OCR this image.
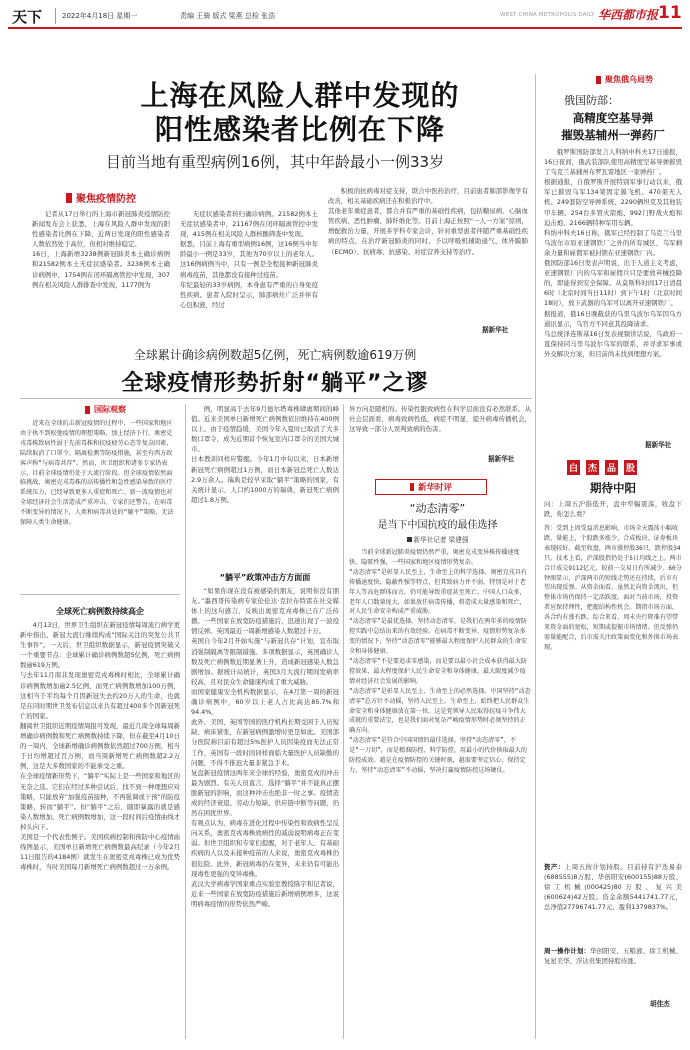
天下	2022年4月18日 星期一	责编 王骑 版式 梁燕 总检 张浩	WEST CHINA METROPOLIS DAILY 华西都市报 11
上海在风险人群中发现的
阳性感染者比例在下降
目前当地有重型病例16例，其中年龄最小一例33岁
聚焦疫情防控
记者从17日举行的上海市新冠肺炎疫情防控新闻发布会上获悉，上海在风险人群中发现的阳性感染者比例在下降，近两日发现的阳性感染者人数依然处于高位，但相对维持稳定。
16日，上海新增3238例新冠肺炎本土确诊病例和21582例本土无症状感染者。3238例本土确诊病例中，1754例在闭环隔离管控中发现，307例在相关风险人群排查中发现，1177例为
无症状感染者转归确诊病例。21582例本土无症状感染者中，21167例在闭环隔离管控中发现，415例在相关风险人群核酸筛查中发现。
据悉，目前上海有重型病例16例，这16例当中年龄最小一例是33岁，其他为70岁以上的老年人。这16例病例当中，只有一例是全程接种新冠肺炎病毒疫苗，其他都没有接种过疫苗。
年纪最轻的33岁病例，本身患有严重的自身免疫性疾病。患者入院时呈示，肺部病灶广泛并伴有心包积液，经过
积极的抗病毒对症支持，联合中医药治疗，目前患者肺部影像学有改善，相关基础疾病还在积极治疗中。
其他老年重症患者，都合并有严重的基础性疾病，包括糖尿病、心脑血管疾病、恶性肿瘤、肺纤维化等。目前上海正按照“一人一方案”原则，增配救治力量，开展多学科专家会诊，针对重型患者伴随严重基础性疾病的特点，在治疗新冠肺炎的同时，予以呼吸机辅助通气、体外膜肺（ECMO）、抗病毒、抗感染、对症营养支持等治疗。
据新华社
聚焦俄乌局势
俄国防部：
高精度空基导弹
摧毁基辅州一弹药厂
俄罗斯国防部发言人科纳申科夫17日通报，16日夜间，俄武装部队使用高精度空基导弹摧毁了乌克兰基辅州布罗瓦雷地区一家弹药厂。
根据通报，自俄罗斯开展特别军事行动以来，俄军已摧毁乌军134架固定翼飞机、470架无人机、249套防空导弹系统、2290辆坦克及其他装甲车辆、254台多管火箭炮、992门野战火炮和迫击炮、2166辆特种军用车辆。
科纳申科夫16日称，俄军已经控制了乌克兰马里乌波尔市原亚速钢铁厂之外的所有城区，乌军剩余力量和雇佣军被封锁在亚速钢铁厂内。
俄国防部16日发表声明说，出于人道主义考虑，亚速钢铁厂内的乌军和雇佣兵只是要放弃械投降的，即能得到安全保障。从莫斯科时间17日清晨6时（北京时间当日11时）到下午1时（北京时间18时），放下武器的乌军可以离开亚速钢铁厂。
据报道，俄16日晚截获的乌里乌波尔乌军因乌方通讯显示，乌官方不同意其投降请求。
乌总统泽连斯基16日发表视频讲话说，乌政府一直保持同马里乌波尔乌军的联系，并寻求军事或外交解决方案，但目前尚未找到理想方案。
据新华社
全球累计确诊病例数超5亿例，死亡病例数逾619万例
全球疫情形势折射“躺平”之谬
国际观察
近来在全球抗击新冠疫情的过程中，一些国家和地区由于执不到松弛疫情的理想策略，加上经济下行、奥密克戎毒株致病性弱于先前毒株和抗疫疲劳心态等复杂因素，陆续取消了口罩令、隔离检测等防疫措施，甚至有西方政客声称“与病毒共存”。然而，世卫组织和诸多专家仍表示，目前全球疫情仍处于大流行阶段。但全球疫情依然面临挑战，奥密克戎毒株的高传播性和急性感染导致的医疗系统压力，已经导致更多人重症和死亡。新一波疫情也对全球经济社会生活造成严重冲击。专家们还警告，在病毒不断变异的情况下，人类和病毒共处的“躺平”策略，无法保障人类生命健康。
全球死亡病例数持续高企
4月13日，世界卫生组织在新冠疫情每周流行病学更新中指出，新冠大流行继续构成“国际关注的突发公共卫生事件”。一天后，世卫组织数据显示，新冠疫情突破又一个重要节点：全球累计确诊病例数超5亿例，死亡病例数逾619万例。
与去年11月南非发现奥密克戎毒株时相比，全球累计确诊病例数增加逾2.5亿例，而死亡病例数增加100万例，这相当于平均每个月因新冠失去约20万人的生命，也就是在同时期世卫发布信息以来共有超过400多个因新冠死亡的国家。
翻阅世卫组织近期疫情周报可发现，最近几周全球每周新增确诊病例数和死亡病例数持续下降，但在截至4月10日的一周内，全球新增确诊病例数依然超过700万例，相当于日均增超过百万例，而当周新增死亡病例数超2.2万例，这是大多数国家的不能承受之重。
在全球疫情新形势下，“躺平”实际上是一些国家和地区的无奈之选。它们在经过多种尝试后，找不到一种理想应对策略，只能放弃“加强疫苗接种，不再强调或干预”的防疫策略，转而“躺平”。但“躺平”之后，随即暴露的就是感染人数增加、死亡病例数增加，这一段时间后疫情曲线才掉头向下。
美国是一个代表性例子。美国疾病控制和预防中心疫情曲线图显示，美国单日新增死亡病例数最高纪录（今年2月11日报告的4184例）就发生在奥密克戎毒株已成为优势毒株时，当时美国每月新增死亡病例数超过一万余例。
例，明显高于去年9月德尔塔毒株肆虐期间的峰值。近来美国单日新增死亡病例数依旧维持在400例以上。由于疫情趋缓，美国今年入夏时已取消了大多数口罩令，成为近期首个恢复室内口罩令的美国大城市。
日本教训同样应警醒。今年1月中旬以来，日本新增新冠死亡病例超过1万例，而日本新冠总死亡人数达2.9万余人。瑞典是较早采取“躺平”策略的国家，有关统计显示，人口约1000万的瑞典，新冠死亡病例超过1.8万例。
“躺平”政策冲击方方面面
“如果你现在没有被感染的朋友，说明你没有朋友。”墨西哥传染病专家伦伦达·克拉布特雷在社交媒体上的这句感言，反映出奥密克戎毒株已在广泛传播。一些国家在放宽防疫措施后，迅速出现了一波疫情反弹。英国最近一周新增感染人数超过十万。
英国自今年2月开始实施“与新冠共存”计划，宣布取消强制隔离等限制措施。多项数据显示，英国确诊人数及死亡病例数近期显著上升，造成新冠感染人数急剧增加。据统计局统计，英国3月大流行期间发病率较高，且对民众生命健康构成了重大威胁。
而国家健康安全机构数据显示，在4月第一周的新冠确诊病例中，60岁以上老人占比高达85.7%和94.4%。
此外，美国、英国等国的医疗机构长期受困于人员短缺、病床紧张，在新冠病例激增时更是如此。美国部分医院称目前有超过5%医护人员因染疫而无法正常工作，英国有一段时间同样面临大量医护人员缺勤的问题，不得不推迟大量非紧急手术。
复盘新冠疫情这两年来全球的经验，奥密克戎的冲击最为剧烈。有关人员直言，选择“躺平”并不能真正摆脱新冠的影响，而这种冲击也绝非一时之事。疫情造成的经济衰退、劳动力短缺、供应链中断等问题，仍然在困扰世界。
有观点认为，病毒在进化过程中传染性和致病性呈反向关系，奥密克戎毒株致病性的减弱说明病毒正在变弱。但世卫组织和专家们提醒，对于老年人、有基础疾病的人以及未接种疫苗的人来说，奥密克戎毒株仍很危险。此外，新冠病毒仍在变异，未来仍有可能出现毒性更强的变异毒株。
武汉大学病毒学国家重点实验室教授陈宇和记者说，近来一些国家在放宽防疫措施后新增病例增多，这说明病毒疫情的形势依然严峻。
异方向是随机的。传染性跟致病性在科学层面没有必然联系。从社会层面看，病毒致病性低，病症不明显，提升病毒传播机会，这导致一部分人误判致病的伤害。
据新华社
新华时评
“动态清零”
是当下中国抗疫的最佳选择
新华社记者 梁建强
当前全球新冠肺炎疫情仍然严重，奥密克戎变异株传播速度快、隐匿性强，一些国家和地区疫情形势复杂。
“动态清零”是彰显人民至上、生命至上的科学选择。奥密克戎具有传播速度快、隐蔽性强等特点，但其致病力并不弱，特别是对于老年人等高危群体而言，仍可能导致重症甚至死亡。中国人口众多，老年人口数量庞大，如果放任病毒传播，将造成大量感染和死亡，对人民生命安全构成严重威胁。
“动态清零”是最优选择。坚持动态清零，是我们在两年多的疫情防控实践中总结出来的有效经验。在病毒不断变异、疫情形势复杂多变的情况下，坚持“动态清零”能够最大程度保护人民群众的生命安全和身体健康。
“动态清零”不是要追求零感染，而是要以最小社会成本获得最大防控效果，最大程度保护人民生命安全和身体健康，最大限度减少疫情对经济社会发展的影响。
“动态清零”是彰显人民至上、生命至上的必然选择。中国坚持“动态清零”总方针不动摇，坚持人民至上、生命至上，始终把人民群众生命安全和身体健康放在第一位。这是党领导人民取得抗疫斗争伟大成就的重要法宝，也是我们面对复杂严峻疫情形势时必须坚持的正确方向。
“动态清零”是符合中国国情的最佳选择。坚持“动态清零”，不是“一刀切”，而是精准防控、科学防控，用最小的代价换取最大的防控成效。越是在疫情防控的关键时刻，越需要坚定信心、保持定力，坚持“动态清零”不动摇，坚决打赢疫情防控这场硬仗。
白 杰 品 股
期待中阳
问：上周五沪指低开，盘中窄幅震荡，收盘下跌，你怎么看？
答：受到上周受益消息影响，市场全天震荡小幅收跌，量能上，个股跌多涨少，合成板块、证券板块表现较好。截至收盘，两市涨停股36只，跌停股34只。技术上看，沪深股指仍处于5日均线之上。两市合计成交9112亿元，较前一交易日有所减少。60分钟图显示，沪深两市的短线走势还在持续，后市有望出现反弹。从资金面看，虽然北向资金流出，但整体市场仍保持一定活跃度。面对当前市场，投资者应保持理性，把握结构性机会。期指市场方面，各合约有涨有跌。综合来看，周末央行降准有望带来资金面的宽松，短期或提振市场情绪。但反弹仍需量能配合，后市需关注政策面变化和外围市场表现。
资产：上周五按计划持股。目前持有沪迭易泰(688555)8万股、华创阳安(600155)88万股、徐工机械(000425)80万股、复兴美(600624)42万股。资金余额5441741.77元，总净值27796741.77元，盈利1379837%。
周一操作计划：华创阳安、五粮液、徐工机械、复星美华、浮达贵集团持股待涨。
胡佳杰
